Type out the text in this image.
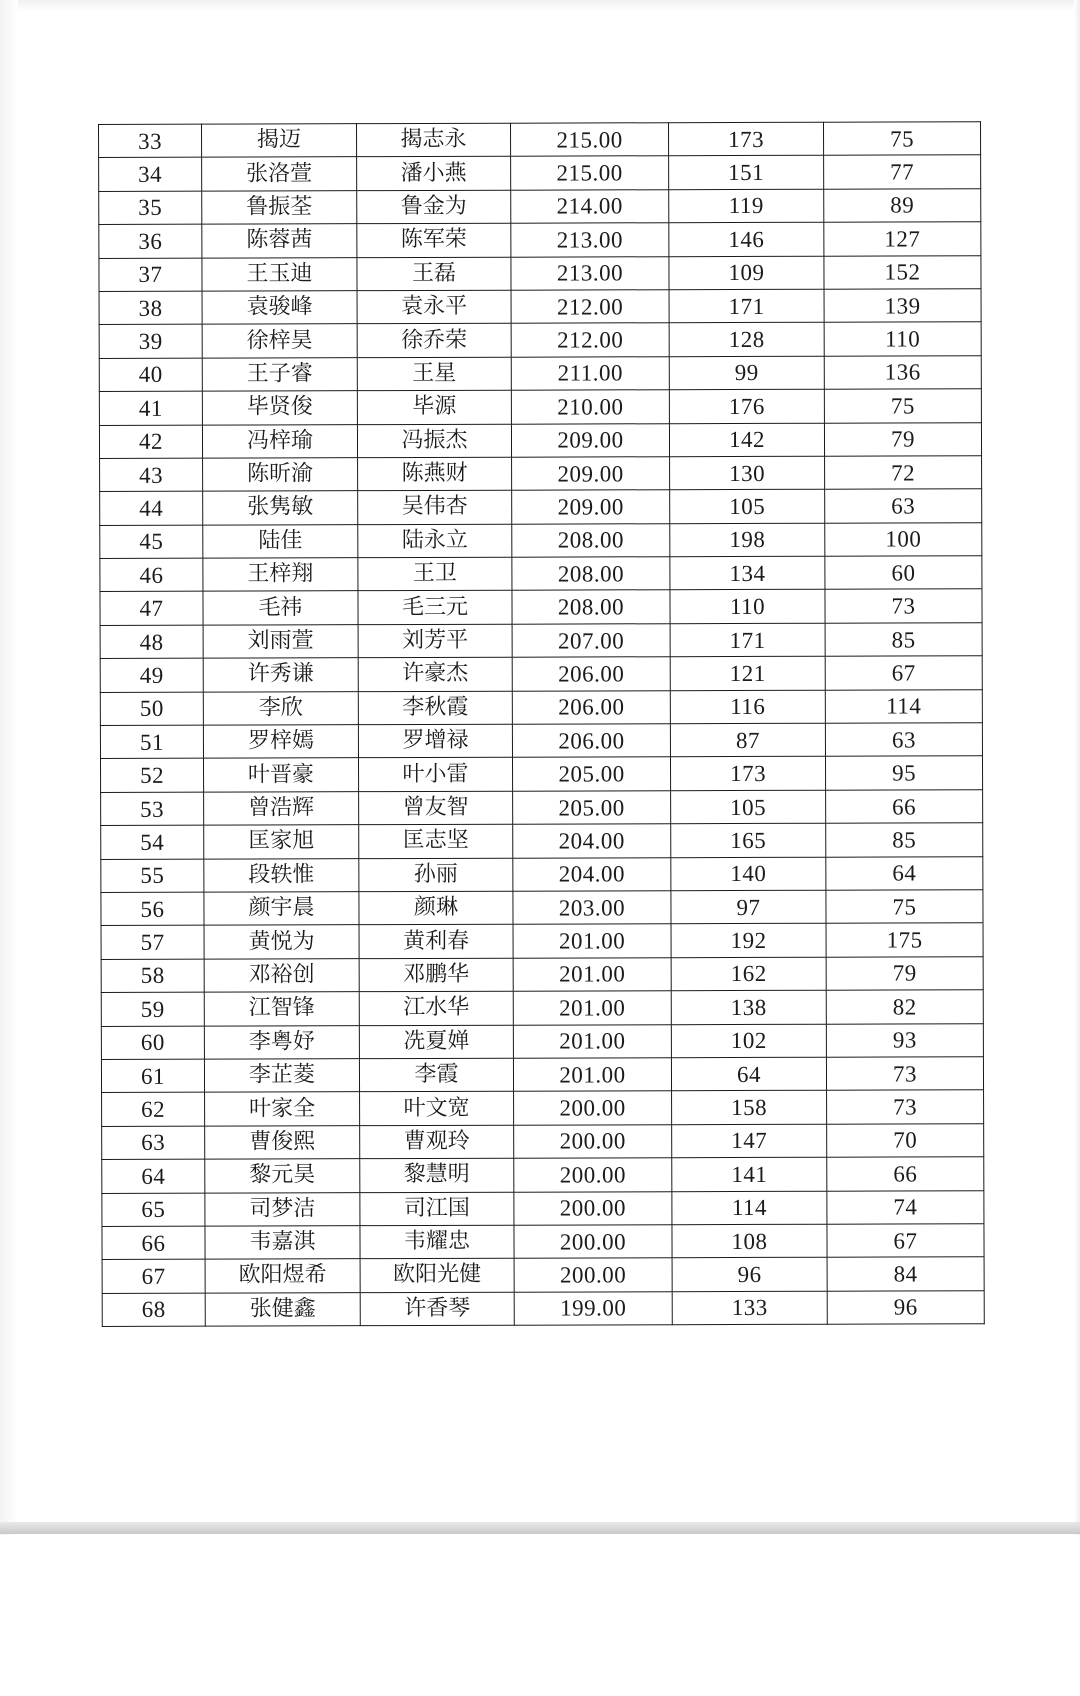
33	揭迈	揭志永	215.00	173	75
34	张洛萱	潘小燕	215.00	151	77
35	鲁振荃	鲁金为	214.00	119	89
36	陈蓉茜	陈军荣	213.00	146	127
37	王玉迪	王磊	213.00	109	152
38	袁骏峰	袁永平	212.00	171	139
39	徐梓昊	徐乔荣	212.00	128	110
40	王子睿	王星	211.00	99	136
41	毕贤俊	毕源	210.00	176	75
42	冯梓瑜	冯振杰	209.00	142	79
43	陈昕渝	陈燕财	209.00	130	72
44	张隽敏	吴伟杏	209.00	105	63
45	陆佳	陆永立	208.00	198	100
46	王梓翔	王卫	208.00	134	60
47	毛祎	毛三元	208.00	110	73
48	刘雨萱	刘芳平	207.00	171	85
49	许秀谦	许豪杰	206.00	121	67
50	李欣	李秋霞	206.00	116	114
51	罗梓嫣	罗增禄	206.00	87	63
52	叶晋豪	叶小雷	205.00	173	95
53	曾浩辉	曾友智	205.00	105	66
54	匡家旭	匡志坚	204.00	165	85
55	段轶惟	孙丽	204.00	140	64
56	颜宇晨	颜琳	203.00	97	75
57	黄悦为	黄利春	201.00	192	175
58	邓裕创	邓鹏华	201.00	162	79
59	江智锋	江水华	201.00	138	82
60	李粤妤	冼夏婵	201.00	102	93
61	李芷菱	李霞	201.00	64	73
62	叶家全	叶文宽	200.00	158	73
63	曹俊熙	曹观玲	200.00	147	70
64	黎元昊	黎慧明	200.00	141	66
65	司梦洁	司江国	200.00	114	74
66	韦嘉淇	韦耀忠	200.00	108	67
67	欧阳煜希	欧阳光健	200.00	96	84
68	张健鑫	许香琴	199.00	133	96
